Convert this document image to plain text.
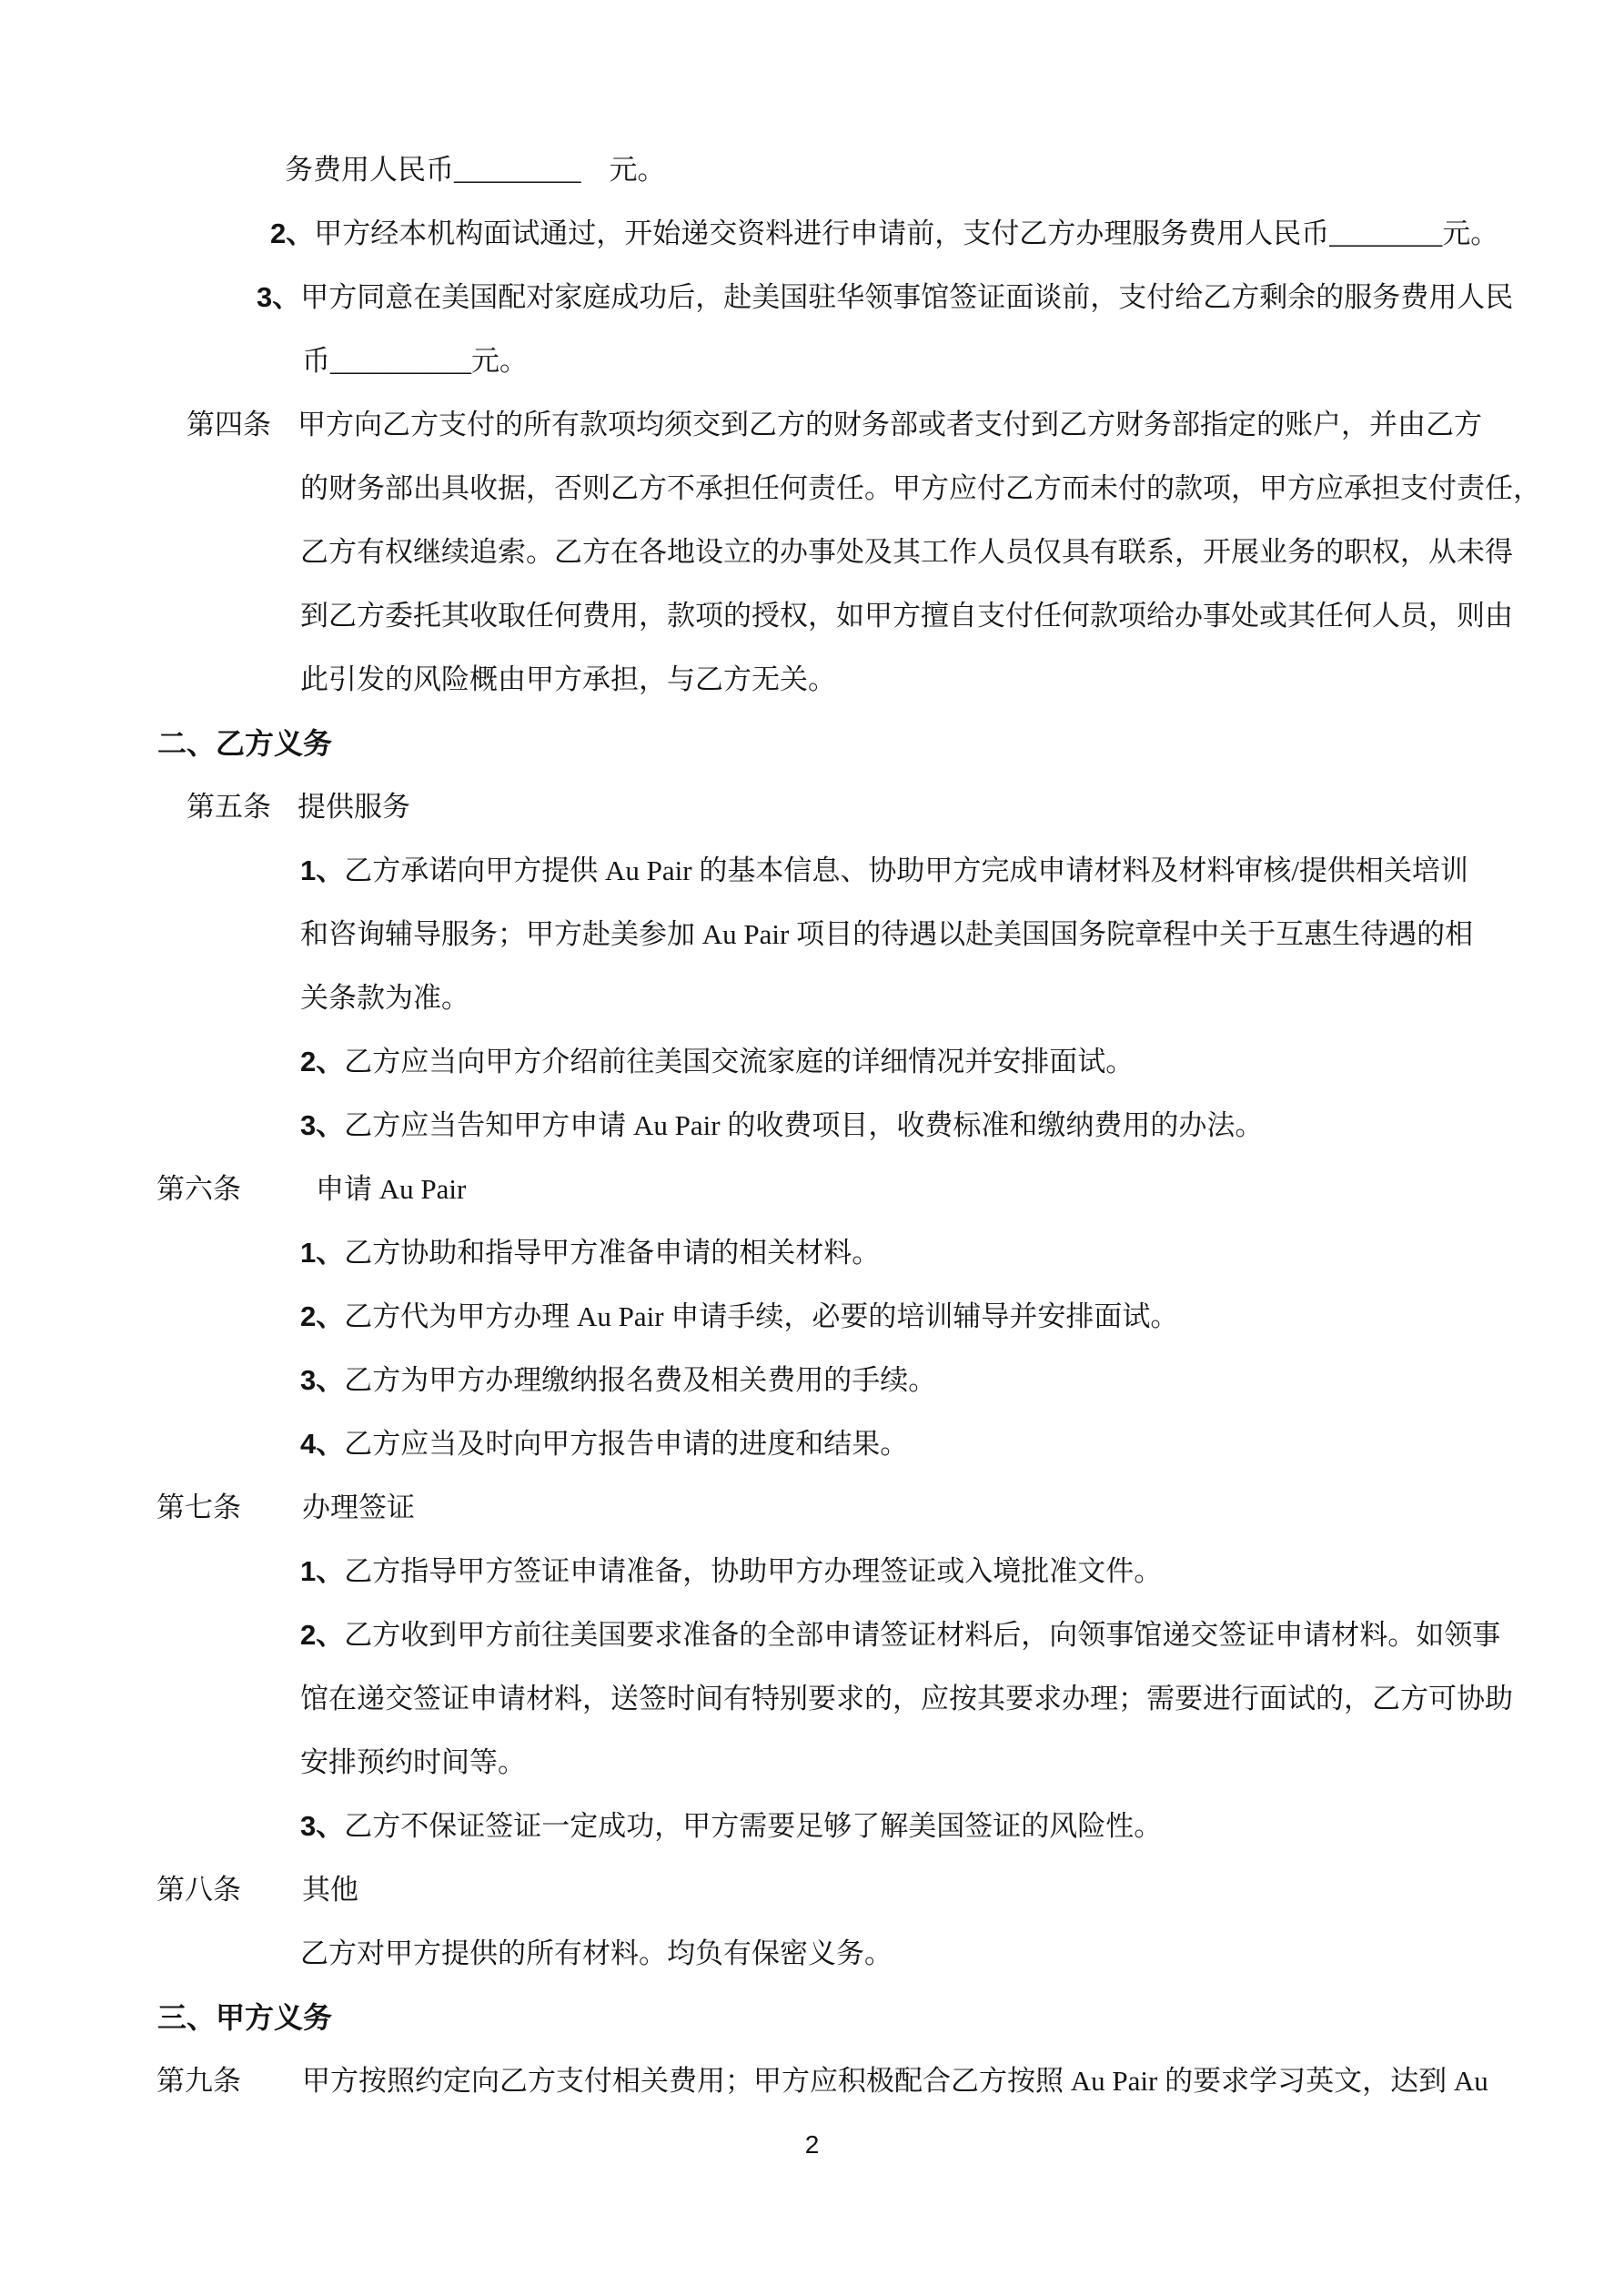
务费用人民币_________　元。
2、甲方经本机构面试通过，开始递交资料进行申请前，支付乙方办理服务费用人民币________元。
3、甲方同意在美国配对家庭成功后，赴美国驻华领事馆签证面谈前，支付给乙方剩余的服务费用人民
币__________元。
第四条 甲方向乙方支付的所有款项均须交到乙方的财务部或者支付到乙方财务部指定的账户，并由乙方
的财务部出具收据，否则乙方不承担任何责任。甲方应付乙方而未付的款项，甲方应承担支付责任，
乙方有权继续追索。乙方在各地设立的办事处及其工作人员仅具有联系，开展业务的职权，从未得
到乙方委托其收取任何费用，款项的授权，如甲方擅自支付任何款项给办事处或其任何人员，则由
此引发的风险概由甲方承担，与乙方无关。
二、乙方义务
第五条 提供服务
1、乙方承诺向甲方提供 Au Pair 的基本信息、协助甲方完成申请材料及材料审核/提供相关培训
和咨询辅导服务；甲方赴美参加 Au Pair 项目的待遇以赴美国国务院章程中关于互惠生待遇的相
关条款为准。
2、乙方应当向甲方介绍前往美国交流家庭的详细情况并安排面试。
3、乙方应当告知甲方申请 Au Pair 的收费项目，收费标准和缴纳费用的办法。
第六条	申请 Au Pair
1、乙方协助和指导甲方准备申请的相关材料。
2、乙方代为甲方办理 Au Pair 申请手续，必要的培训辅导并安排面试。
3、乙方为甲方办理缴纳报名费及相关费用的手续。
4、乙方应当及时向甲方报告申请的进度和结果。
第七条 办理签证
1、乙方指导甲方签证申请准备，协助甲方办理签证或入境批准文件。
2、乙方收到甲方前往美国要求准备的全部申请签证材料后，向领事馆递交签证申请材料。如领事
馆在递交签证申请材料，送签时间有特别要求的，应按其要求办理；需要进行面试的，乙方可协助
安排预约时间等。
3、乙方不保证签证一定成功，甲方需要足够了解美国签证的风险性。
第八条 其他
乙方对甲方提供的所有材料。均负有保密义务。
三、甲方义务
第九条 甲方按照约定向乙方支付相关费用；甲方应积极配合乙方按照 Au Pair 的要求学习英文，达到 Au
2
